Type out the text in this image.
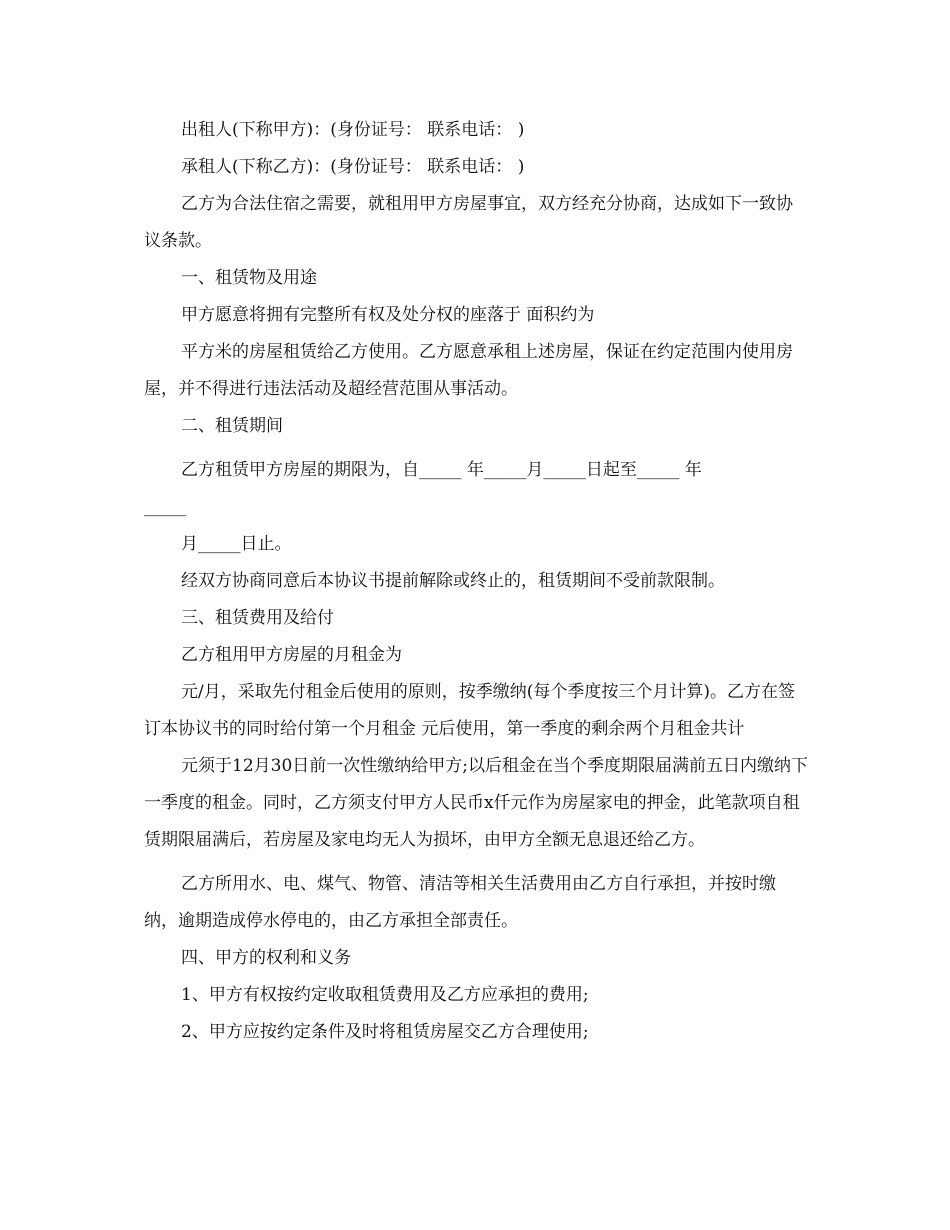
出租人(下称甲方)：(身份证号： 联系电话： )

承租人(下称乙方)：(身份证号： 联系电话： )

乙方为合法住宿之需要，就租用甲方房屋事宜，双方经充分协商，达成如下一致协议条款。

一、租赁物及用途

甲方愿意将拥有完整所有权及处分权的座落于 面积约为

平方米的房屋租赁给乙方使用。乙方愿意承租上述房屋，保证在约定范围内使用房屋，并不得进行违法活动及超经营范围从事活动。

二、租赁期间

乙方租赁甲方房屋的期限为，自_____ 年_____月_____日起至_____ 年

_____

月_____日止。

经双方协商同意后本协议书提前解除或终止的，租赁期间不受前款限制。

三、租赁费用及给付

乙方租用甲方房屋的月租金为

元/月，采取先付租金后使用的原则，按季缴纳(每个季度按三个月计算)。乙方在签订本协议书的同时给付第一个月租金 元后使用，第一季度的剩余两个月租金共计

元须于12月30日前一次性缴纳给甲方;以后租金在当个季度期限届满前五日内缴纳下一季度的租金。同时，乙方须支付甲方人民币x仟元作为房屋家电的押金，此笔款项自租赁期限届满后，若房屋及家电均无人为损坏，由甲方全额无息退还给乙方。

乙方所用水、电、煤气、物管、清洁等相关生活费用由乙方自行承担，并按时缴纳，逾期造成停水停电的，由乙方承担全部责任。

四、甲方的权利和义务

1、甲方有权按约定收取租赁费用及乙方应承担的费用;

2、甲方应按约定条件及时将租赁房屋交乙方合理使用;
